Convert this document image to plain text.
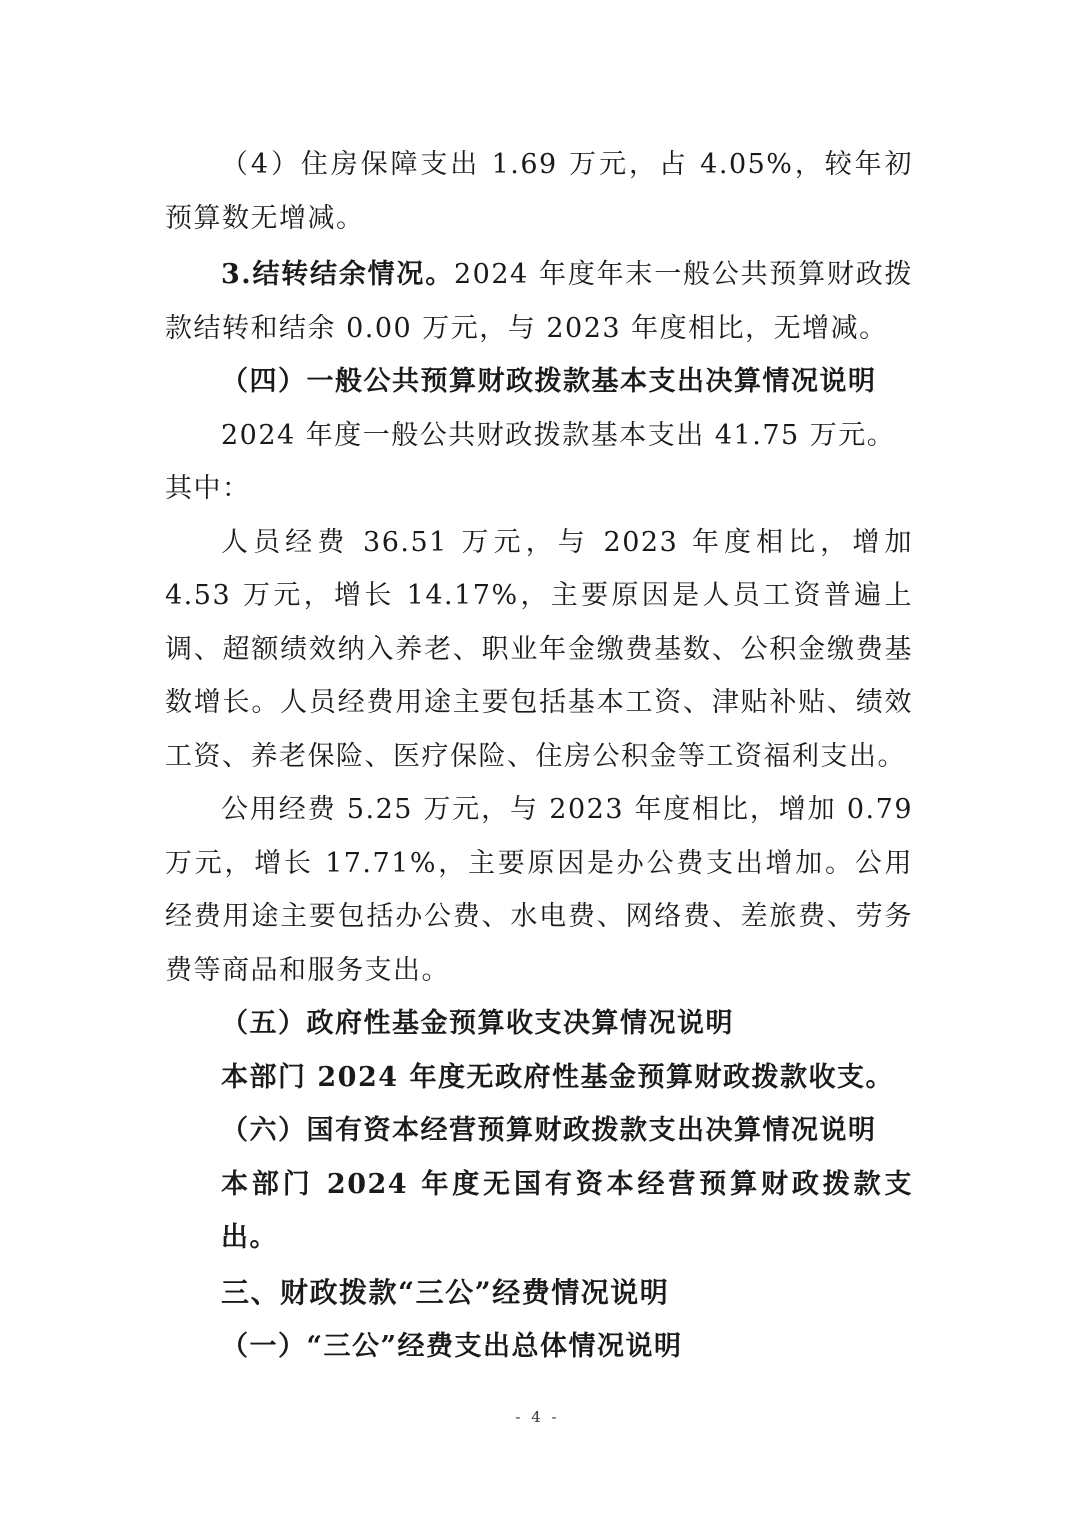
（4）住房保障支出 1.69 万元，占 4.05%，较年初预算数无增减。

3.结转结余情况。2024 年度年末一般公共预算财政拨款结转和结余 0.00 万元，与 2023 年度相比，无增减。

（四）一般公共预算财政拨款基本支出决算情况说明

2024 年度一般公共财政拨款基本支出 41.75 万元。

其中：

人员经费 36.51 万元，与 2023 年度相比，增加 4.53 万元，增长 14.17%，主要原因是人员工资普遍上调、超额绩效纳入养老、职业年金缴费基数、公积金缴费基数增长。人员经费用途主要包括基本工资、津贴补贴、绩效工资、养老保险、医疗保险、住房公积金等工资福利支出。

公用经费 5.25 万元，与 2023 年度相比，增加 0.79 万元，增长 17.71%，主要原因是办公费支出增加。公用经费用途主要包括办公费、水电费、网络费、差旅费、劳务费等商品和服务支出。

（五）政府性基金预算收支决算情况说明

本部门 2024 年度无政府性基金预算财政拨款收支。

（六）国有资本经营预算财政拨款支出决算情况说明

本部门 2024 年度无国有资本经营预算财政拨款支出。

三、财政拨款“三公”经费情况说明

（一）“三公”经费支出总体情况说明

- 4 -
